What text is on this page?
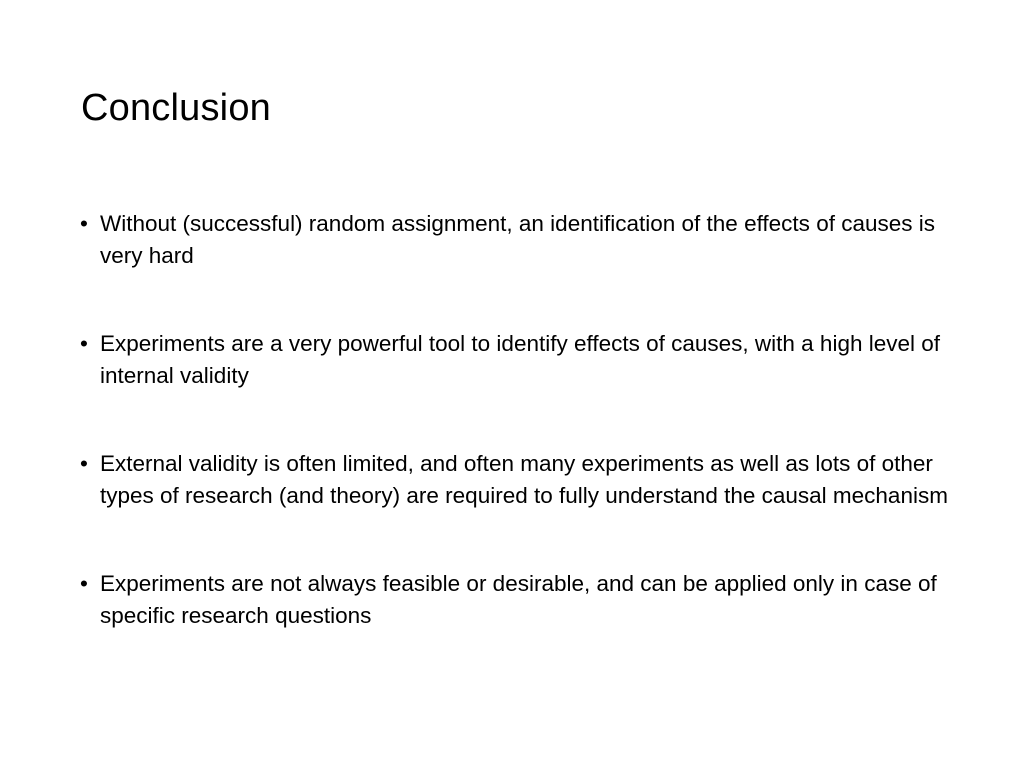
Conclusion
• Without (successful) random assignment, an identification of the effects of causes is very hard
• Experiments are a very powerful tool to identify effects of causes, with a high level of internal validity
• External validity is often limited, and often many experiments as well as lots of other types of research (and theory) are required to fully understand the causal mechanism
• Experiments are not always feasible or desirable, and can be applied only in case of specific research questions
